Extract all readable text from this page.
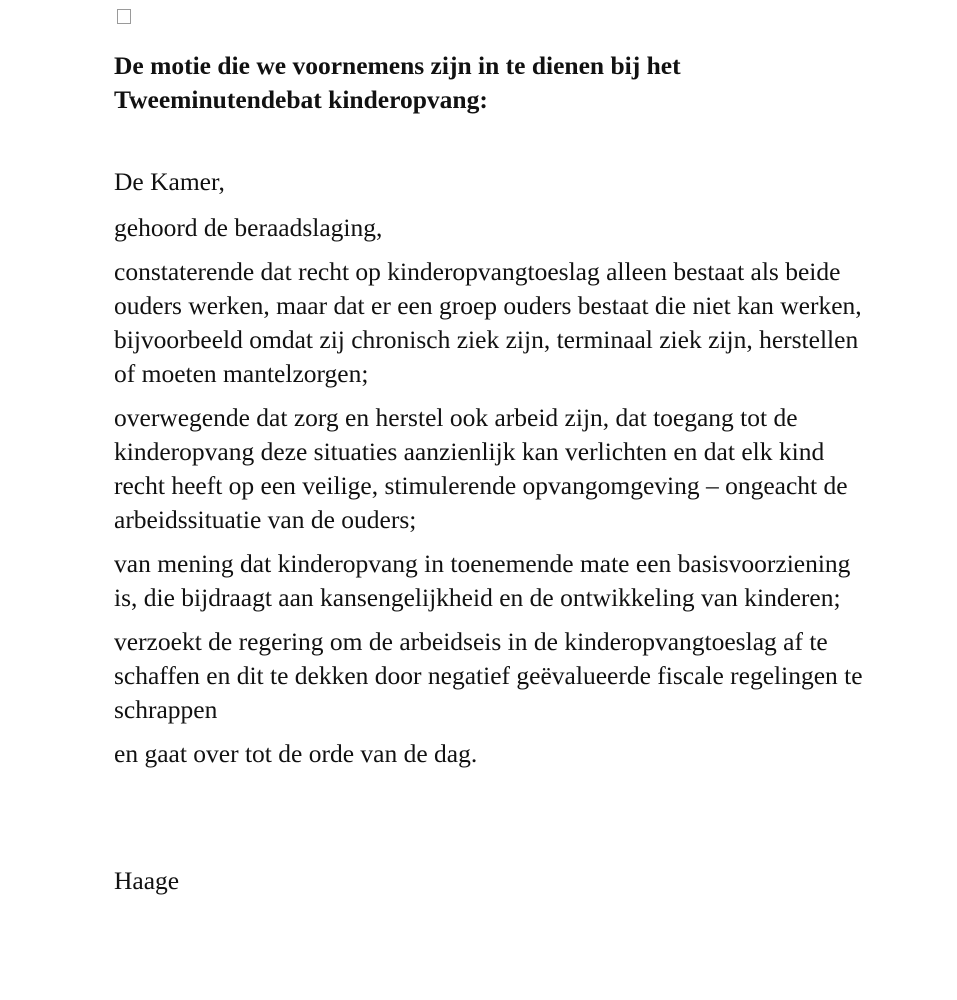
De motie die we voornemens zijn in te dienen bij het
Tweeminutendebat kinderopvang:

De Kamer,

gehoord de beraadslaging,

constaterende dat recht op kinderopvangtoeslag alleen bestaat als beide ouders werken, maar dat er een groep ouders bestaat die niet kan werken, bijvoorbeeld omdat zij chronisch ziek zijn, terminaal ziek zijn, herstellen of moeten mantelzorgen;

overwegende dat zorg en herstel ook arbeid zijn, dat toegang tot de kinderopvang deze situaties aanzienlijk kan verlichten en dat elk kind recht heeft op een veilige, stimulerende opvangomgeving – ongeacht de arbeidssituatie van de ouders;

van mening dat kinderopvang in toenemende mate een basisvoorziening is, die bijdraagt aan kansengelijkheid en de ontwikkeling van kinderen;

verzoekt de regering om de arbeidseis in de kinderopvangtoeslag af te schaffen en dit te dekken door negatief geëvalueerde fiscale regelingen te schrappen

en gaat over tot de orde van de dag.

Haage
